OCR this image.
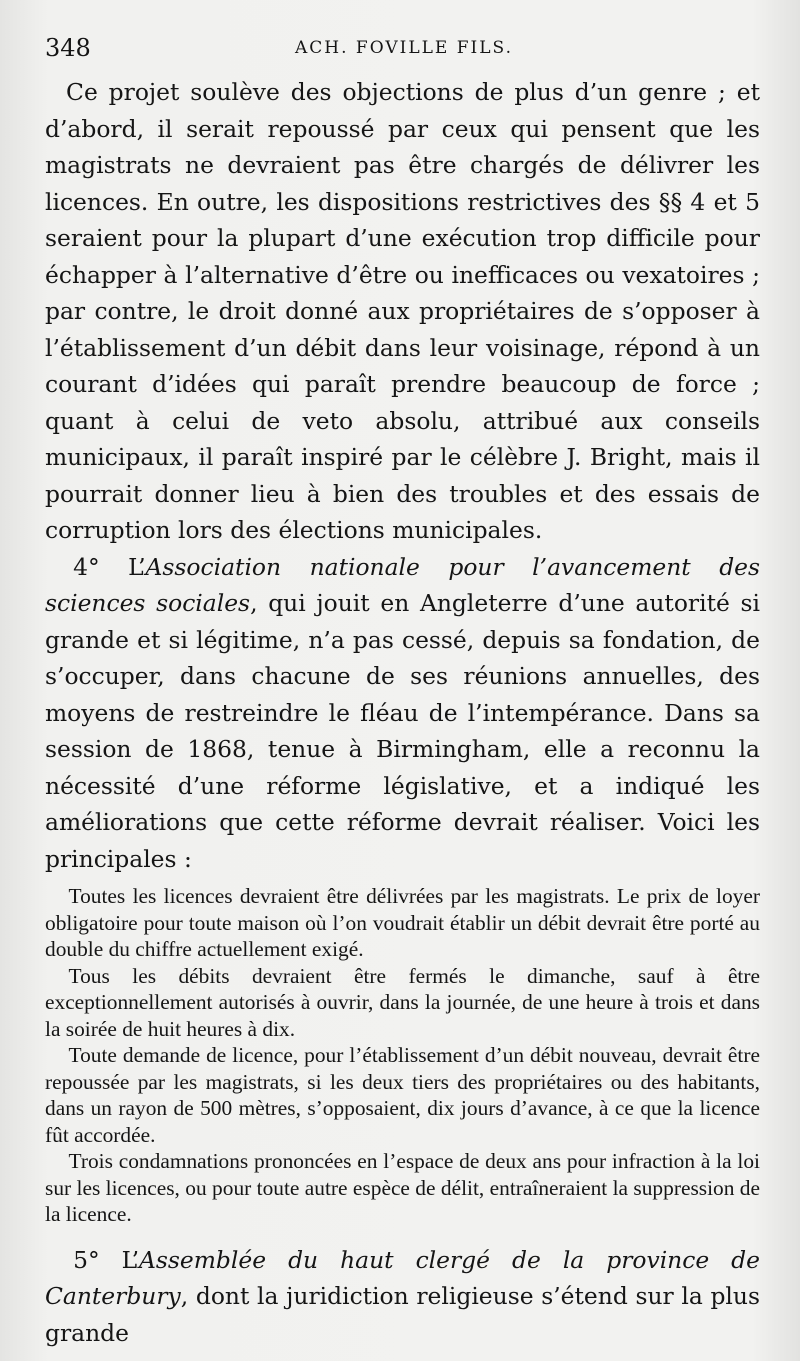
348	ACH. FOVILLE FILS.

Ce projet soulève des objections de plus d’un genre ; et d’abord, il serait repoussé par ceux qui pensent que les magistrats ne devraient pas être chargés de délivrer les licences. En outre, les dispositions restrictives des §§ 4 et 5 seraient pour la plupart d’une exécution trop difficile pour échapper à l’alternative d’être ou inefficaces ou vexatoires ; par contre, le droit donné aux propriétaires de s’opposer à l’établissement d’un débit dans leur voisinage, répond à un courant d’idées qui paraît prendre beaucoup de force ; quant à celui de veto absolu, attribué aux conseils municipaux, il paraît inspiré par le célèbre J. Bright, mais il pourrait donner lieu à bien des troubles et des essais de corruption lors des élections municipales.

4° L’Association nationale pour l’avancement des sciences sociales, qui jouit en Angleterre d’une autorité si grande et si légitime, n’a pas cessé, depuis sa fondation, de s’occuper, dans chacune de ses réunions annuelles, des moyens de restreindre le fléau de l’intempérance. Dans sa session de 1868, tenue à Birmingham, elle a reconnu la nécessité d’une réforme législative, et a indiqué les améliorations que cette réforme devrait réaliser. Voici les principales :

Toutes les licences devraient être délivrées par les magistrats. Le prix de loyer obligatoire pour toute maison où l’on voudrait établir un débit devrait être porté au double du chiffre actuellement exigé.

Tous les débits devraient être fermés le dimanche, sauf à être exceptionnellement autorisés à ouvrir, dans la journée, de une heure à trois et dans la soirée de huit heures à dix.

Toute demande de licence, pour l’établissement d’un débit nouveau, devrait être repoussée par les magistrats, si les deux tiers des propriétaires ou des habitants, dans un rayon de 500 mètres, s’opposaient, dix jours d’avance, à ce que la licence fût accordée.

Trois condamnations prononcées en l’espace de deux ans pour infraction à la loi sur les licences, ou pour toute autre espèce de délit, entraîneraient la suppression de la licence.

5° L’Assemblée du haut clergé de la province de Canterbury, dont la juridiction religieuse s’étend sur la plus grande
